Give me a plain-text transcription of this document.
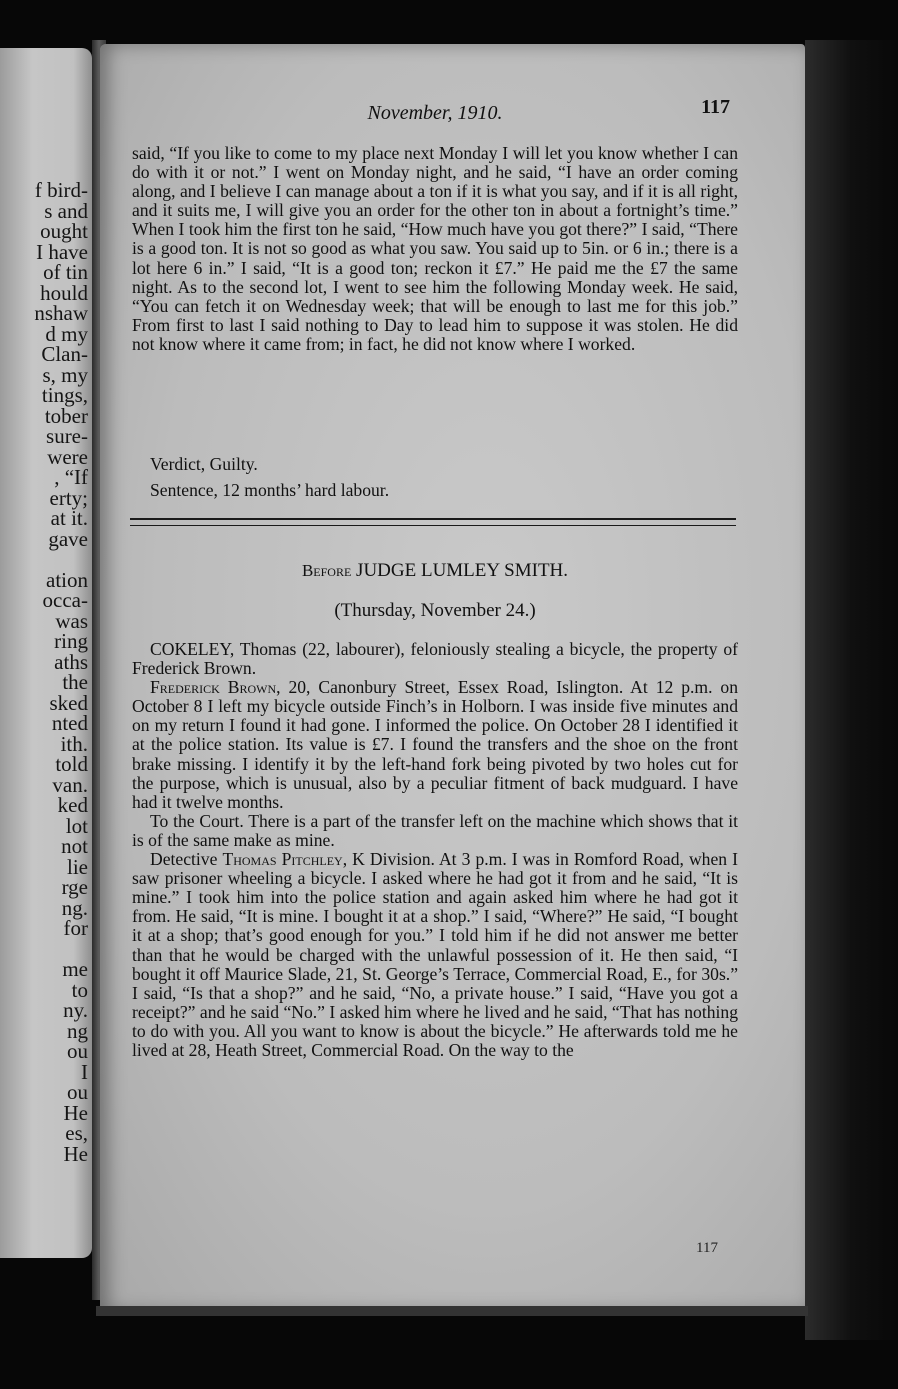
f bird-
s and
ought
I have
of tin
hould
nshaw
d my
Clan-
s, my
tings,
tober
sure-
were
, “If
erty;
at it.
gave
ation
occa-
was
ring
aths
the
sked
nted
ith.
told
van.
ked
lot
not
lie
rge
ng.
for
me
to
ny.
ng
ou
I
ou
He
es,
He
November, 1910.	117

said, “If you like to come to my place next Monday I will let you know whether I can do with it or not.” I went on Monday night, and he said, “I have an order coming along, and I believe I can manage about a ton if it is what you say, and if it is all right, and it suits me, I will give you an order for the other ton in about a fortnight’s time.” When I took him the first ton he said, “How much have you got there?” I said, “There is a good ton. It is not so good as what you saw. You said up to 5in. or 6 in.; there is a lot here 6 in.” I said, “It is a good ton; reckon it £7.” He paid me the £7 the same night. As to the second lot, I went to see him the following Monday week. He said, “You can fetch it on Wednesday week; that will be enough to last me for this job.” From first to last I said nothing to Day to lead him to suppose it was stolen. He did not know where it came from; in fact, he did not know where I worked.

Verdict, Guilty.

Sentence, 12 months’ hard labour.

Before JUDGE LUMLEY SMITH.

(Thursday, November 24.)

COKELEY, Thomas (22, labourer), feloniously stealing a bicycle, the property of Frederick Brown.

Frederick Brown, 20, Canonbury Street, Essex Road, Islington. At 12 p.m. on October 8 I left my bicycle outside Finch’s in Holborn. I was inside five minutes and on my return I found it had gone. I informed the police. On October 28 I identified it at the police station. Its value is £7. I found the transfers and the shoe on the front brake missing. I identify it by the left-hand fork being pivoted by two holes cut for the purpose, which is unusual, also by a peculiar fitment of back mudguard. I have had it twelve months.

To the Court. There is a part of the transfer left on the machine which shows that it is of the same make as mine.

Detective Thomas Pitchley, K Division. At 3 p.m. I was in Romford Road, when I saw prisoner wheeling a bicycle. I asked where he had got it from and he said, “It is mine.” I took him into the police station and again asked him where he had got it from. He said, “It is mine. I bought it at a shop.” I said, “Where?” He said, “I bought it at a shop; that’s good enough for you.” I told him if he did not answer me better than that he would be charged with the unlawful possession of it. He then said, “I bought it off Maurice Slade, 21, St. George’s Terrace, Commercial Road, E., for 30s.” I said, “Is that a shop?” and he said, “No, a private house.” I said, “Have you got a receipt?” and he said “No.” I asked him where he lived and he said, “That has nothing to do with you. All you want to know is about the bicycle.” He afterwards told me he lived at 28, Heath Street, Commercial Road. On the way to the

117
